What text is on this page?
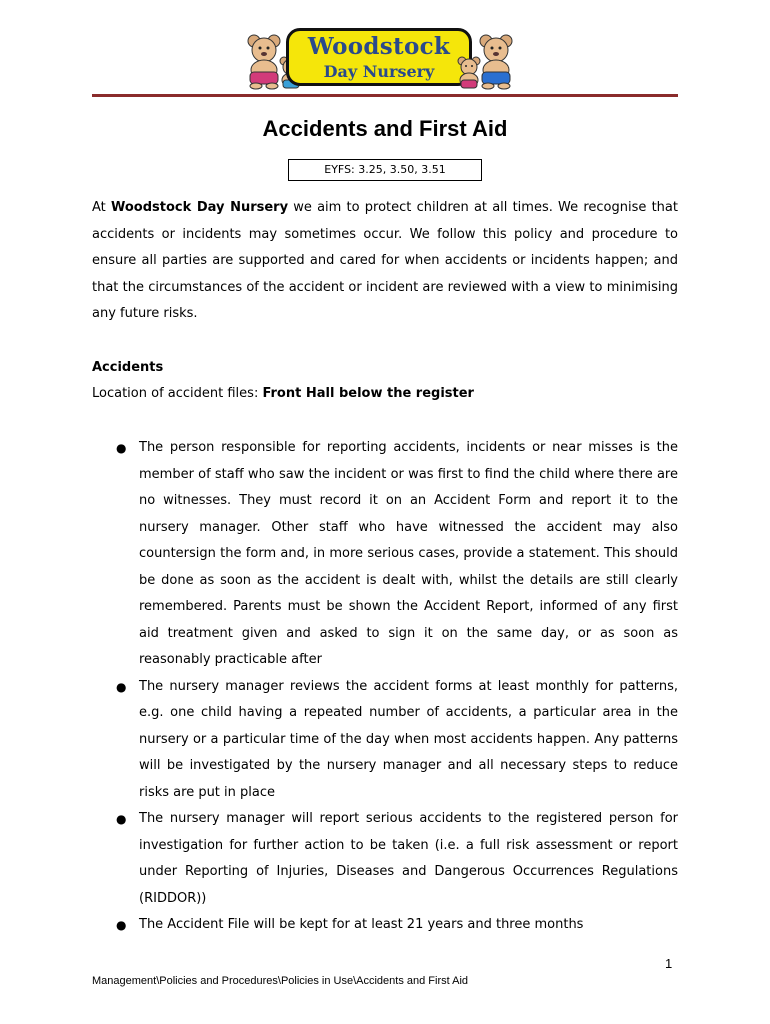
Woodstock
Day Nursery
Accidents and First Aid
EYFS: 3.25, 3.50, 3.51

At Woodstock Day Nursery we aim to protect children at all times. We recognise that accidents or incidents may sometimes occur. We follow this policy and procedure to ensure all parties are supported and cared for when accidents or incidents happen; and that the circumstances of the accident or incident are reviewed with a view to minimising any future risks.

Accidents
Location of accident files: Front Hall below the register
● The person responsible for reporting accidents, incidents or near misses is the member of staff who saw the incident or was first to find the child where there are no witnesses. They must record it on an Accident Form and report it to the nursery manager. Other staff who have witnessed the accident may also countersign the form and, in more serious cases, provide a statement. This should be done as soon as the accident is dealt with, whilst the details are still clearly remembered. Parents must be shown the Accident Report, informed of any first aid treatment given and asked to sign it on the same day, or as soon as reasonably practicable after
● The nursery manager reviews the accident forms at least monthly for patterns, e.g. one child having a repeated number of accidents, a particular area in the nursery or a particular time of the day when most accidents happen. Any patterns will be investigated by the nursery manager and all necessary steps to reduce risks are put in place
● The nursery manager will report serious accidents to the registered person for investigation for further action to be taken (i.e. a full risk assessment or report under Reporting of Injuries, Diseases and Dangerous Occurrences Regulations (RIDDOR))
● The Accident File will be kept for at least 21 years and three months
1
Management\Policies and Procedures\Policies in Use\Accidents and First Aid
